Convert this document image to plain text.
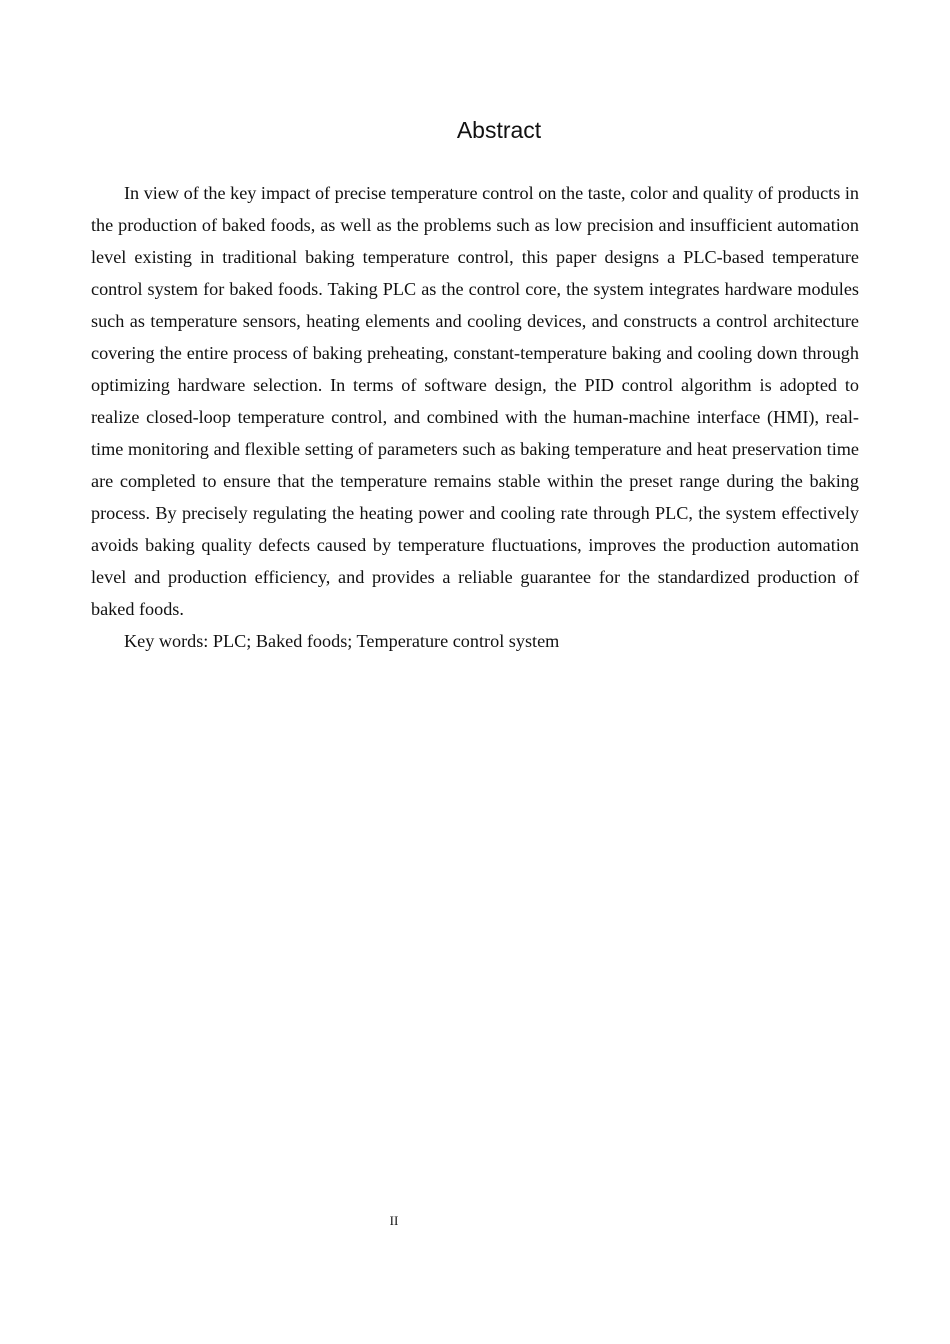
Abstract

In view of the key impact of precise temperature control on the taste, color and quality of products in the production of baked foods, as well as the problems such as low precision and insufficient automation level existing in traditional baking temperature control, this paper designs a PLC-based temperature control system for baked foods. Taking PLC as the control core, the system integrates hardware modules such as temperature sensors, heating elements and cooling devices, and constructs a control architecture covering the entire process of baking preheating, constant-temperature baking and cooling down through optimizing hardware selection. In terms of software design, the PID control algorithm is adopted to realize closed-loop temperature control, and combined with the human-machine interface (HMI), real-time monitoring and flexible setting of parameters such as baking temperature and heat preservation time are completed to ensure that the temperature remains stable within the preset range during the baking process. By precisely regulating the heating power and cooling rate through PLC, the system effectively avoids baking quality defects caused by temperature fluctuations, improves the production automation level and production efficiency, and provides a reliable guarantee for the standardized production of baked foods.

Key words: PLC; Baked foods; Temperature control system

II
